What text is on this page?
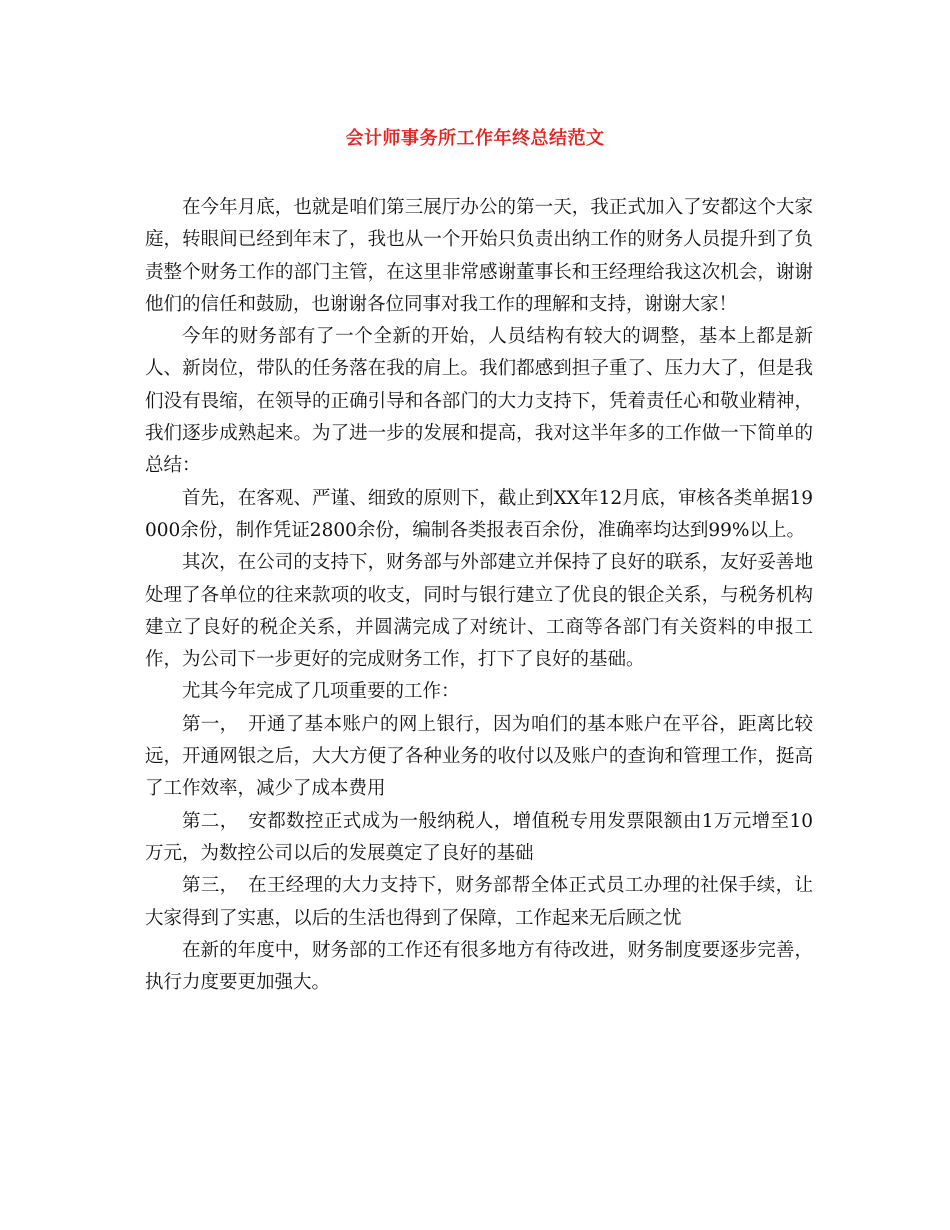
会计师事务所工作年终总结范文

在今年月底，也就是咱们第三展厅办公的第一天，我正式加入了安都这个大家庭，转眼间已经到年末了，我也从一个开始只负责出纳工作的财务人员提升到了负责整个财务工作的部门主管，在这里非常感谢董事长和王经理给我这次机会，谢谢他们的信任和鼓励，也谢谢各位同事对我工作的理解和支持，谢谢大家！

今年的财务部有了一个全新的开始，人员结构有较大的调整，基本上都是新人、新岗位，带队的任务落在我的肩上。我们都感到担子重了、压力大了，但是我们没有畏缩，在领导的正确引导和各部门的大力支持下，凭着责任心和敬业精神，我们逐步成熟起来。为了进一步的发展和提高，我对这半年多的工作做一下简单的总结：

首先，在客观、严谨、细致的原则下，截止到XX年12月底，审核各类单据19000余份，制作凭证2800余份，编制各类报表百余份，准确率均达到99%以上。

其次，在公司的支持下，财务部与外部建立并保持了良好的联系，友好妥善地处理了各单位的往来款项的收支，同时与银行建立了优良的银企关系，与税务机构建立了良好的税企关系，并圆满完成了对统计、工商等各部门有关资料的申报工作，为公司下一步更好的完成财务工作，打下了良好的基础。

尤其今年完成了几项重要的工作：

第一，　开通了基本账户的网上银行，因为咱们的基本账户在平谷，距离比较远，开通网银之后，大大方便了各种业务的收付以及账户的查询和管理工作，挺高了工作效率，减少了成本费用

第二，　安都数控正式成为一般纳税人，增值税专用发票限额由1万元增至10万元，为数控公司以后的发展奠定了良好的基础

第三，　在王经理的大力支持下，财务部帮全体正式员工办理的社保手续，让大家得到了实惠，以后的生活也得到了保障，工作起来无后顾之忧

在新的年度中，财务部的工作还有很多地方有待改进，财务制度要逐步完善，执行力度要更加强大。
